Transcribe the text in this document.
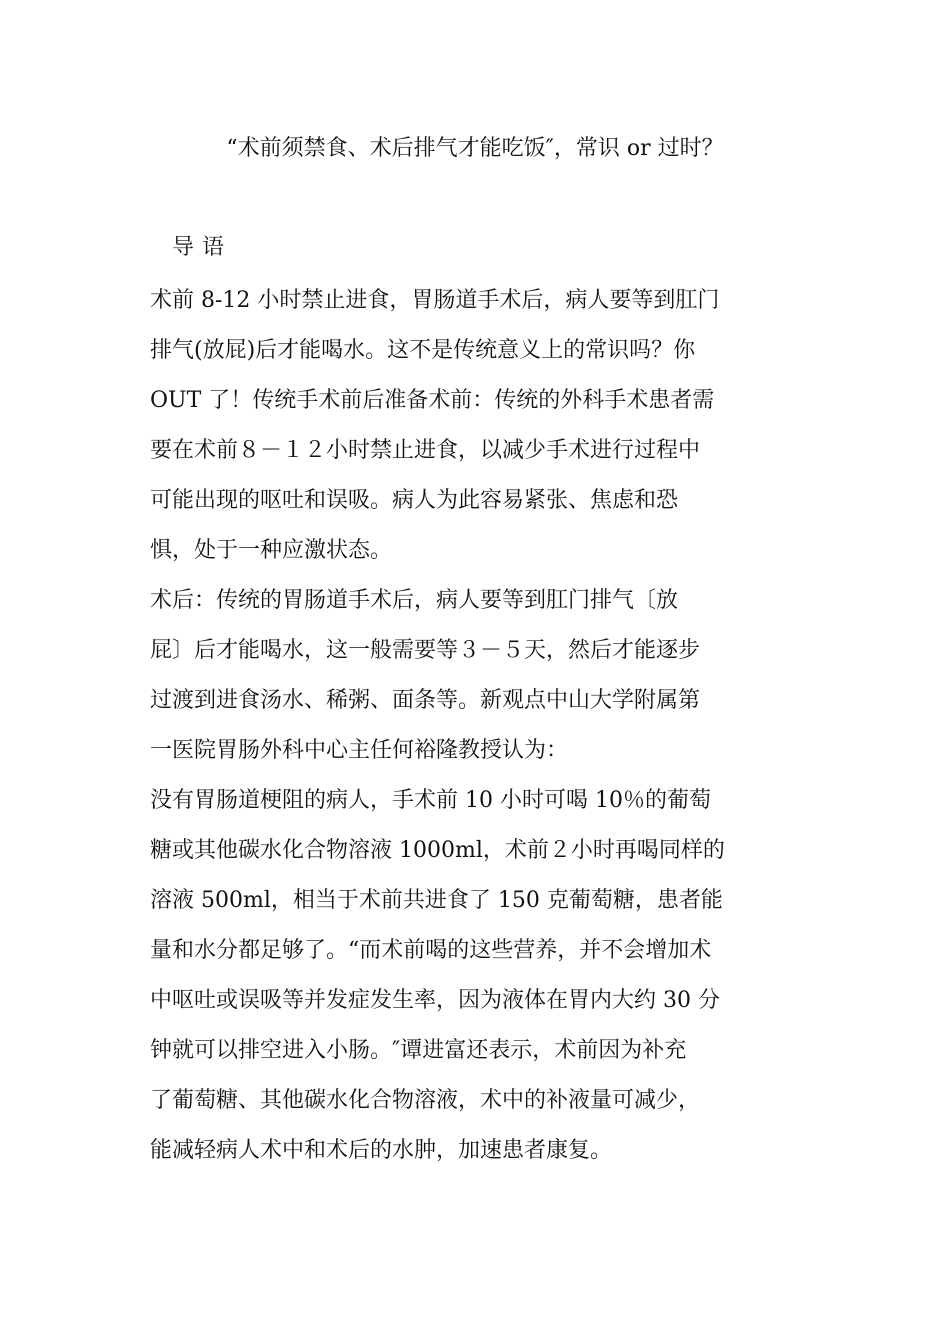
“术前须禁食、术后排气才能吃饭″，常识 or 过时？
导语

术前 8-12 小时禁止进食，胃肠道手术后，病人要等到肛门

排气(放屁)后才能喝水。这不是传统意义上的常识吗？你

OUT 了！传统手术前后准备术前：传统的外科手术患者需

要在术前８－１２小时禁止进食，以减少手术进行过程中

可能出现的呕吐和误吸。病人为此容易紧张、焦虑和恐

惧，处于一种应激状态。

术后：传统的胃肠道手术后，病人要等到肛门排气〔放

屁〕后才能喝水，这一般需要等３－５天，然后才能逐步

过渡到进食汤水、稀粥、面条等。新观点中山大学附属第

一医院胃肠外科中心主任何裕隆教授认为：

没有胃肠道梗阻的病人，手术前 10 小时可喝 10％的葡萄

糖或其他碳水化合物溶液 1000ml，术前２小时再喝同样的

溶液 500ml，相当于术前共进食了 150 克葡萄糖，患者能

量和水分都足够了。“而术前喝的这些营养，并不会增加术

中呕吐或误吸等并发症发生率，因为液体在胃内大约 30 分

钟就可以排空进入小肠。″谭进富还表示，术前因为补充

了葡萄糖、其他碳水化合物溶液，术中的补液量可减少，

能减轻病人术中和术后的水肿，加速患者康复。
